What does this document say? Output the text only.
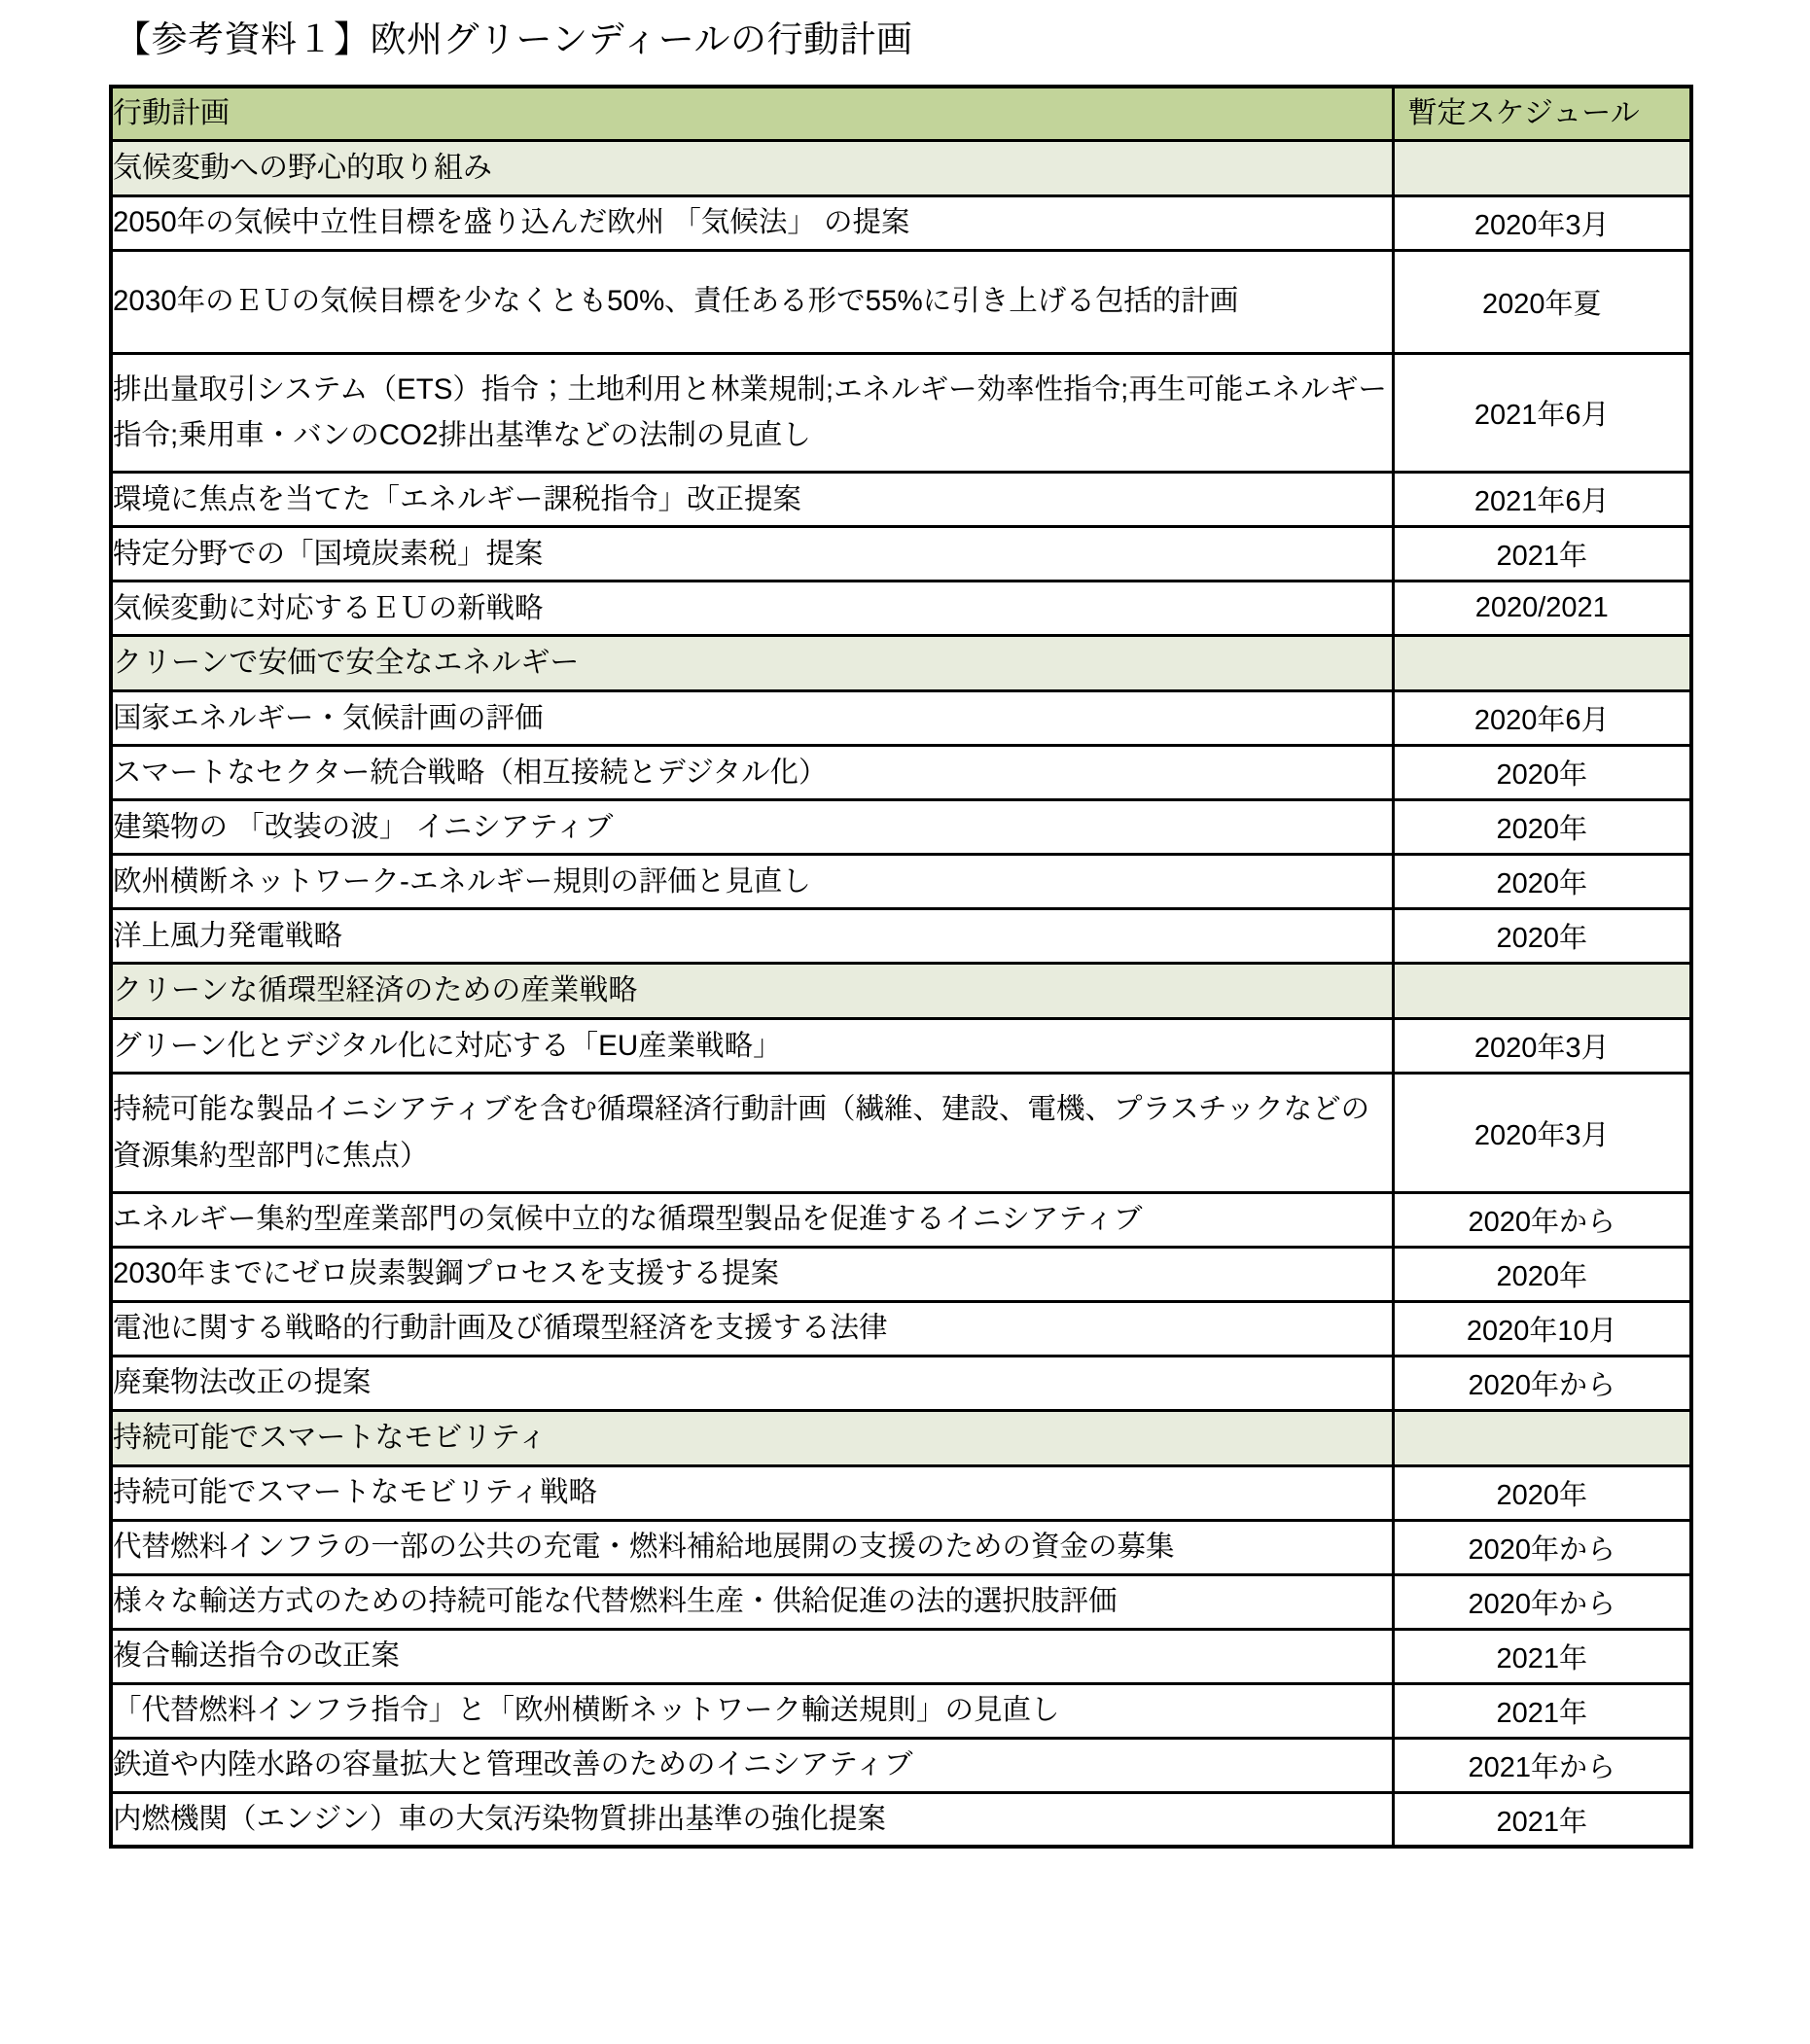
【参考資料１】欧州グリーンディールの行動計画
行動計画	暫定スケジュール
気候変動への野心的取り組み	
2050年の気候中立性目標を盛り込んだ欧州 「気候法」 の提案	2020年3月
2030年のＥＵの気候目標を少なくとも50%、責任ある形で55%に引き上げる包括的計画	2020年夏
排出量取引システム（ETS）指令；土地利用と林業規制;エネルギー効率性指令;再生可能エネルギー指令;乗用車・バンのCO2排出基準などの法制の見直し	2021年6月
環境に焦点を当てた「エネルギー課税指令」改正提案	2021年6月
特定分野での「国境炭素税」提案	2021年
気候変動に対応するＥＵの新戦略	2020/2021
クリーンで安価で安全なエネルギー	
国家エネルギー・気候計画の評価	2020年6月
スマートなセクター統合戦略（相互接続とデジタル化）	2020年
建築物の 「改装の波」 イニシアティブ	2020年
欧州横断ネットワーク-エネルギー規則の評価と見直し	2020年
洋上風力発電戦略	2020年
クリーンな循環型経済のための産業戦略	
グリーン化とデジタル化に対応する「EU産業戦略」	2020年3月
持続可能な製品イニシアティブを含む循環経済行動計画（繊維、建設、電機、プラスチックなどの資源集約型部門に焦点）	2020年3月
エネルギー集約型産業部門の気候中立的な循環型製品を促進するイニシアティブ	2020年から
2030年までにゼロ炭素製鋼プロセスを支援する提案	2020年
電池に関する戦略的行動計画及び循環型経済を支援する法律	2020年10月
廃棄物法改正の提案	2020年から
持続可能でスマートなモビリティ	
持続可能でスマートなモビリティ戦略	2020年
代替燃料インフラの一部の公共の充電・燃料補給地展開の支援のための資金の募集	2020年から
様々な輸送方式のための持続可能な代替燃料生産・供給促進の法的選択肢評価	2020年から
複合輸送指令の改正案	2021年
「代替燃料インフラ指令」と「欧州横断ネットワーク輸送規則」の見直し	2021年
鉄道や内陸水路の容量拡大と管理改善のためのイニシアティブ	2021年から
内燃機関（エンジン）車の大気汚染物質排出基準の強化提案	2021年
